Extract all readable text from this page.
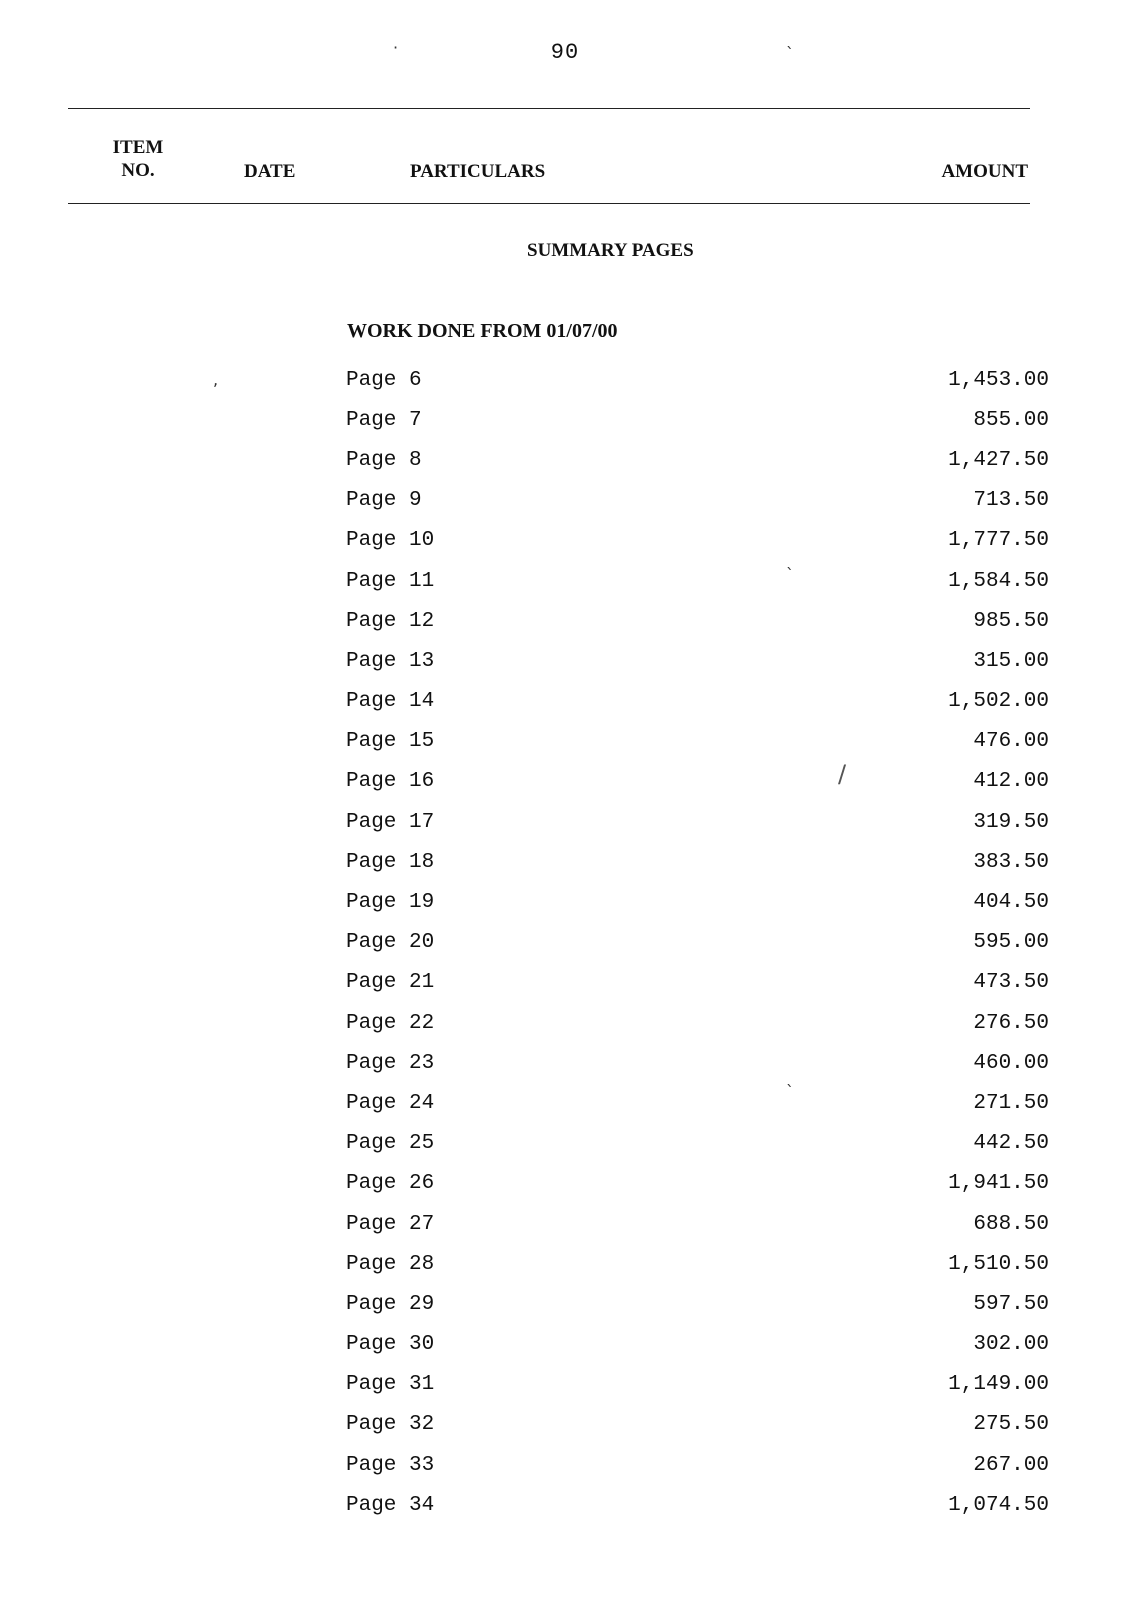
90
ITEM
NO.	DATE	PARTICULARS	AMOUNT
SUMMARY PAGES
WORK DONE FROM 01/07/00
Page 6	1,453.00
Page 7	855.00
Page 8	1,427.50
Page 9	713.50
Page 10	1,777.50
Page 11	1,584.50
Page 12	985.50
Page 13	315.00
Page 14	1,502.00
Page 15	476.00
Page 16	412.00
Page 17	319.50
Page 18	383.50
Page 19	404.50
Page 20	595.00
Page 21	473.50
Page 22	276.50
Page 23	460.00
Page 24	271.50
Page 25	442.50
Page 26	1,941.50
Page 27	688.50
Page 28	1,510.50
Page 29	597.50
Page 30	302.00
Page 31	1,149.00
Page 32	275.50
Page 33	267.00
Page 34	1,074.50
·	`
,
`
/
`
